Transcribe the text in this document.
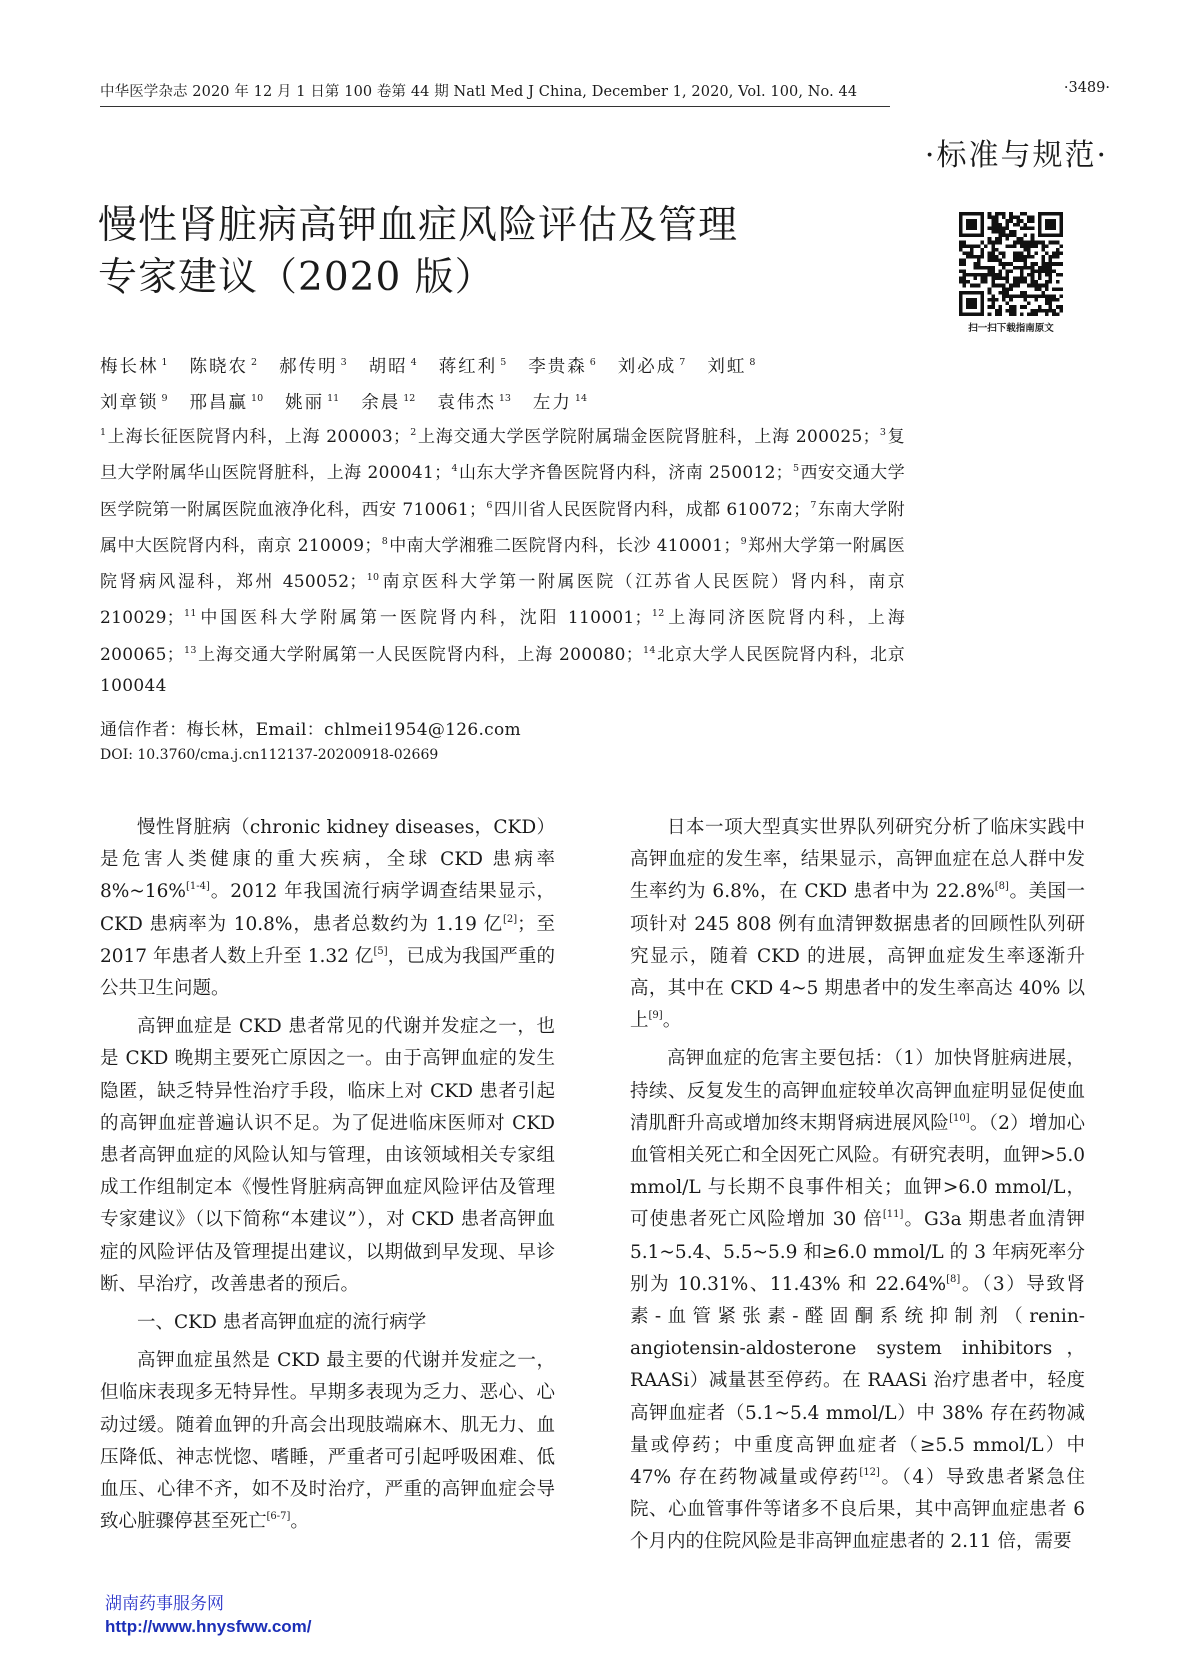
中华医学杂志 2020 年 12 月 1 日第 100 卷第 44 期 Natl Med J China, December 1, 2020, Vol. 100, No. 44	·3489·
·标准与规范·
慢性肾脏病高钾血症风险评估及管理
专家建议（2020 版）
扫一扫下载指南原文
梅长林 $^1$ 陈晓农 $^2$ 郝传明 $^3$ 胡昭 $^4$ 蒋红利 $^5$ 李贵森 $^6$ 刘必成 $^7$ 刘虹 $^8$
刘章锁 $^9$ 邢昌赢 $^{10}$ 姚丽 $^{11}$ 余晨 $^{12}$ 袁伟杰 $^{13}$ 左力 $^{14}$
$^1$上海长征医院肾内科，上海 200003；$^2$上海交通大学医学院附属瑞金医院肾脏科，上海 200025；$^3$复旦大学附属华山医院肾脏科，上海 200041；$^4$山东大学齐鲁医院肾内科，济南 250012；$^5$西安交通大学医学院第一附属医院血液净化科，西安 710061；$^6$四川省人民医院肾内科，成都 610072；$^7$东南大学附属中大医院肾内科，南京 210009；$^8$中南大学湘雅二医院肾内科，长沙 410001；$^9$郑州大学第一附属医院肾病风湿科，郑州 450052；$^{10}$南京医科大学第一附属医院（江苏省人民医院）肾内科，南京 210029；$^{11}$中国医科大学附属第一医院肾内科，沈阳 110001；$^{12}$上海同济医院肾内科，上海 200065；$^{13}$上海交通大学附属第一人民医院肾内科，上海 200080；$^{14}$北京大学人民医院肾内科，北京 100044
通信作者：梅长林，Email：chlmei1954@126.com
DOI: 10.3760/cma.j.cn112137-20200918-02669

慢性肾脏病（chronic kidney diseases，CKD）是危害人类健康的重大疾病，全球 CKD 患病率 8%~16%[1-4]。2012 年我国流行病学调查结果显示，CKD 患病率为 10.8%，患者总数约为 1.19 亿[2]；至 2017 年患者人数上升至 1.32 亿[5]，已成为我国严重的公共卫生问题。

高钾血症是 CKD 患者常见的代谢并发症之一，也是 CKD 晚期主要死亡原因之一。由于高钾血症的发生隐匿，缺乏特异性治疗手段，临床上对 CKD 患者引起的高钾血症普遍认识不足。为了促进临床医师对 CKD 患者高钾血症的风险认知与管理，由该领域相关专家组成工作组制定本《慢性肾脏病高钾血症风险评估及管理专家建议》（以下简称“本建议”），对 CKD 患者高钾血症的风险评估及管理提出建议，以期做到早发现、早诊断、早治疗，改善患者的预后。

一、CKD 患者高钾血症的流行病学

高钾血症虽然是 CKD 最主要的代谢并发症之一，但临床表现多无特异性。早期多表现为乏力、恶心、心动过缓。随着血钾的升高会出现肢端麻木、肌无力、血压降低、神志恍惚、嗜睡，严重者可引起呼吸困难、低血压、心律不齐，如不及时治疗，严重的高钾血症会导致心脏骤停甚至死亡[6-7]。

日本一项大型真实世界队列研究分析了临床实践中高钾血症的发生率，结果显示，高钾血症在总人群中发生率约为 6.8%，在 CKD 患者中为 22.8%[8]。美国一项针对 245 808 例有血清钾数据患者的回顾性队列研究显示，随着 CKD 的进展，高钾血症发生率逐渐升高，其中在 CKD 4~5 期患者中的发生率高达 40% 以上[9]。

高钾血症的危害主要包括：（1）加快肾脏病进展，持续、反复发生的高钾血症较单次高钾血症明显促使血清肌酐升高或增加终末期肾病进展风险[10]。（2）增加心血管相关死亡和全因死亡风险。有研究表明，血钾>5.0 mmol/L 与长期不良事件相关；血钾>6.0 mmol/L，可使患者死亡风险增加 30 倍[11]。G3a 期患者血清钾 5.1~5.4、5.5~5.9 和≥6.0 mmol/L 的 3 年病死率分别为 10.31%、11.43% 和 22.64%[8]。（3）导致肾素-血管紧张素-醛固酮系统抑制剂（renin-angiotensin-aldosterone system inhibitors，RAASi）减量甚至停药。在 RAASi 治疗患者中，轻度高钾血症者（5.1~5.4 mmol/L）中 38% 存在药物减量或停药；中重度高钾血症者（≥5.5 mmol/L）中 47% 存在药物减量或停药[12]。（4）导致患者紧急住院、心血管事件等诸多不良后果，其中高钾血症患者 6 个月内的住院风险是非高钾血症患者的 2.11 倍，需要

湖南药事服务网
http://www.hnysfww.com/
